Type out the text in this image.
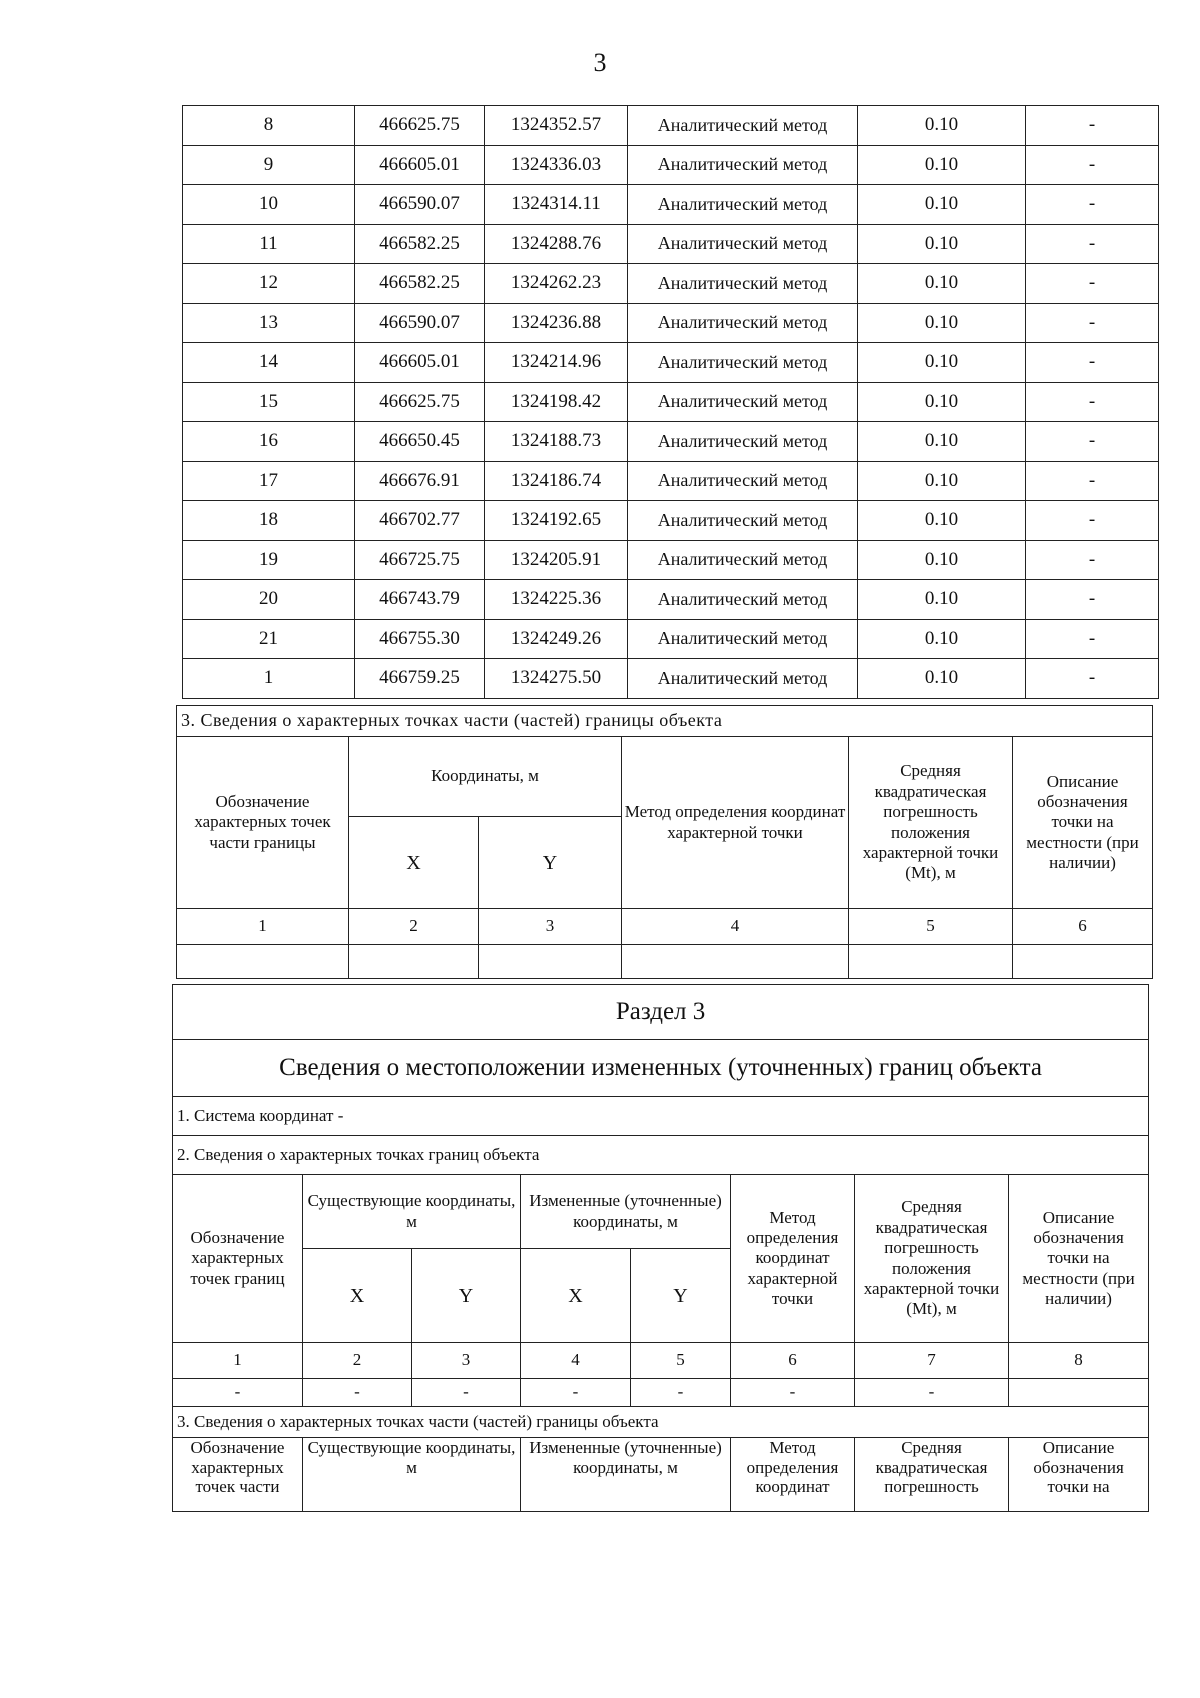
3
8	466625.75	1324352.57	Аналитический метод	0.10	-
9	466605.01	1324336.03	Аналитический метод	0.10	-
10	466590.07	1324314.11	Аналитический метод	0.10	-
11	466582.25	1324288.76	Аналитический метод	0.10	-
12	466582.25	1324262.23	Аналитический метод	0.10	-
13	466590.07	1324236.88	Аналитический метод	0.10	-
14	466605.01	1324214.96	Аналитический метод	0.10	-
15	466625.75	1324198.42	Аналитический метод	0.10	-
16	466650.45	1324188.73	Аналитический метод	0.10	-
17	466676.91	1324186.74	Аналитический метод	0.10	-
18	466702.77	1324192.65	Аналитический метод	0.10	-
19	466725.75	1324205.91	Аналитический метод	0.10	-
20	466743.79	1324225.36	Аналитический метод	0.10	-
21	466755.30	1324249.26	Аналитический метод	0.10	-
1	466759.25	1324275.50	Аналитический метод	0.10	-
3. Сведения о характерных точках части (частей) границы объекта					
Обозначение характерных точек части границы	Координаты, м		Метод определения координат характерной точки	Средняя квадратическая погрешность положения характерной точки (Mt), м	Описание обозначения точки на местности (при наличии)
	X	Y			
1	2	3	4	5	6

Раздел 3							
Сведения о местоположении измененных (уточненных) границ объекта							
1. Система координат -							
2. Сведения о характерных точках границ объекта							
Обозначение характерных точек границ	Существующие координаты, м		Измененные (уточненные) координаты, м		Метод определения координат характерной точки	Средняя квадратическая погрешность положения характерной точки (Mt), м	Описание обозначения точки на местности (при наличии)
	X	Y	X	Y			
1	2	3	4	5	6	7	8
-	-	-	-	-	-	-	
3. Сведения о характерных точках части (частей) границы объекта							
Обозначение характерных точек части	Существующие координаты, м		Измененные (уточненные) координаты, м		Метод определения координат	Средняя квадратическая погрешность	Описание обозначения точки на
